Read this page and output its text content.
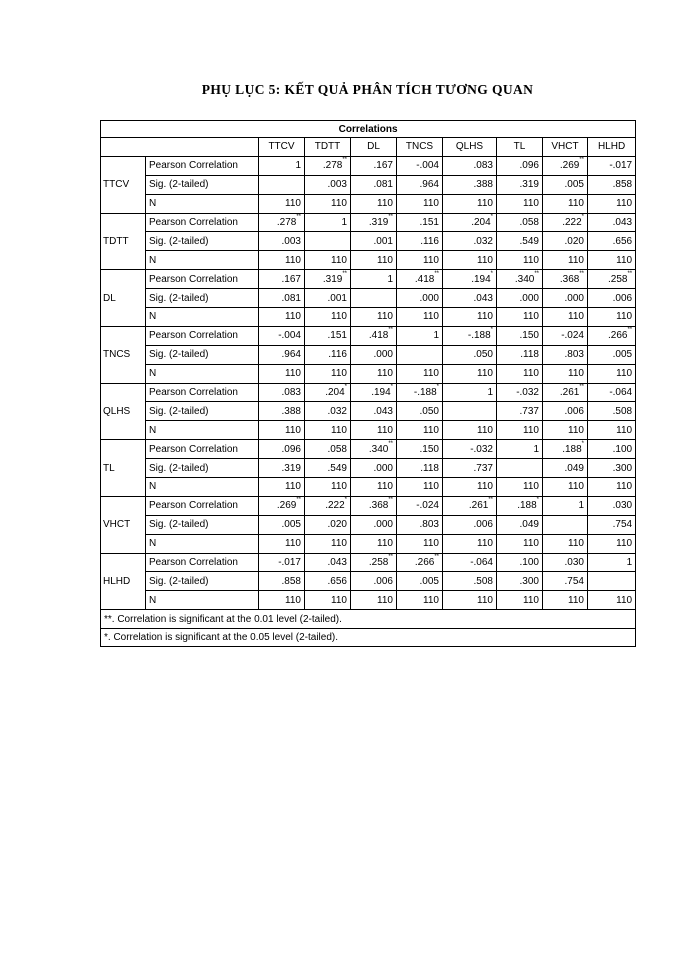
PHỤ LỤC 5: KẾT QUẢ PHÂN TÍCH TƯƠNG QUAN
Correlations									
		TTCV	TDTT	DL	TNCS	QLHS	TL	VHCT	HLHD
TTCV	Pearson Correlation	1	.278**	.167	-.004	.083	.096	.269**	-.017
	Sig. (2-tailed)		.003	.081	.964	.388	.319	.005	.858
	N	110	110	110	110	110	110	110	110
TDTT	Pearson Correlation	.278**	1	.319**	.151	.204*	.058	.222*	.043
	Sig. (2-tailed)	.003		.001	.116	.032	.549	.020	.656
	N	110	110	110	110	110	110	110	110
DL	Pearson Correlation	.167	.319**	1	.418**	.194*	.340**	.368**	.258**
	Sig. (2-tailed)	.081	.001		.000	.043	.000	.000	.006
	N	110	110	110	110	110	110	110	110
TNCS	Pearson Correlation	-.004	.151	.418**	1	-.188*	.150	-.024	.266**
	Sig. (2-tailed)	.964	.116	.000		.050	.118	.803	.005
	N	110	110	110	110	110	110	110	110
QLHS	Pearson Correlation	.083	.204*	.194*	-.188*	1	-.032	.261**	-.064
	Sig. (2-tailed)	.388	.032	.043	.050		.737	.006	.508
	N	110	110	110	110	110	110	110	110
TL	Pearson Correlation	.096	.058	.340**	.150	-.032	1	.188*	.100
	Sig. (2-tailed)	.319	.549	.000	.118	.737		.049	.300
	N	110	110	110	110	110	110	110	110
VHCT	Pearson Correlation	.269**	.222*	.368**	-.024	.261**	.188*	1	.030
	Sig. (2-tailed)	.005	.020	.000	.803	.006	.049		.754
	N	110	110	110	110	110	110	110	110
HLHD	Pearson Correlation	-.017	.043	.258**	.266**	-.064	.100	.030	1
	Sig. (2-tailed)	.858	.656	.006	.005	.508	.300	.754	
	N	110	110	110	110	110	110	110	110
**. Correlation is significant at the 0.01 level (2-tailed).									
*. Correlation is significant at the 0.05 level (2-tailed).									
